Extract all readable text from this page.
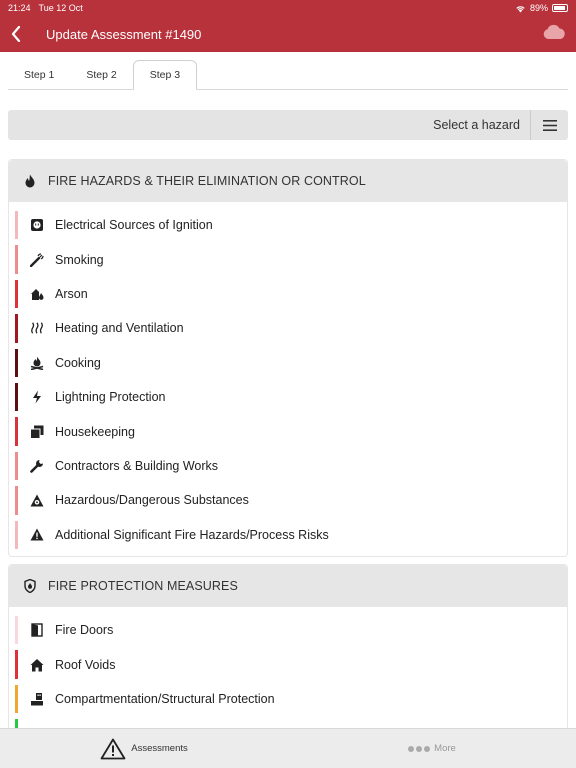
21:24 Tue 12 Oct	89%
Update Assessment #1490
Step 1	Step 2	Step 3
Select a hazard
FIRE HAZARDS & THEIR ELIMINATION OR CONTROL
Electrical Sources of Ignition
Smoking
Arson
Heating and Ventilation
Cooking
Lightning Protection
Housekeeping
Contractors & Building Works
Hazardous/Dangerous Substances
Additional Significant Fire Hazards/Process Risks
FIRE PROTECTION MEASURES
Fire Doors
Roof Voids
Compartmentation/Structural Protection
Assessments	More
